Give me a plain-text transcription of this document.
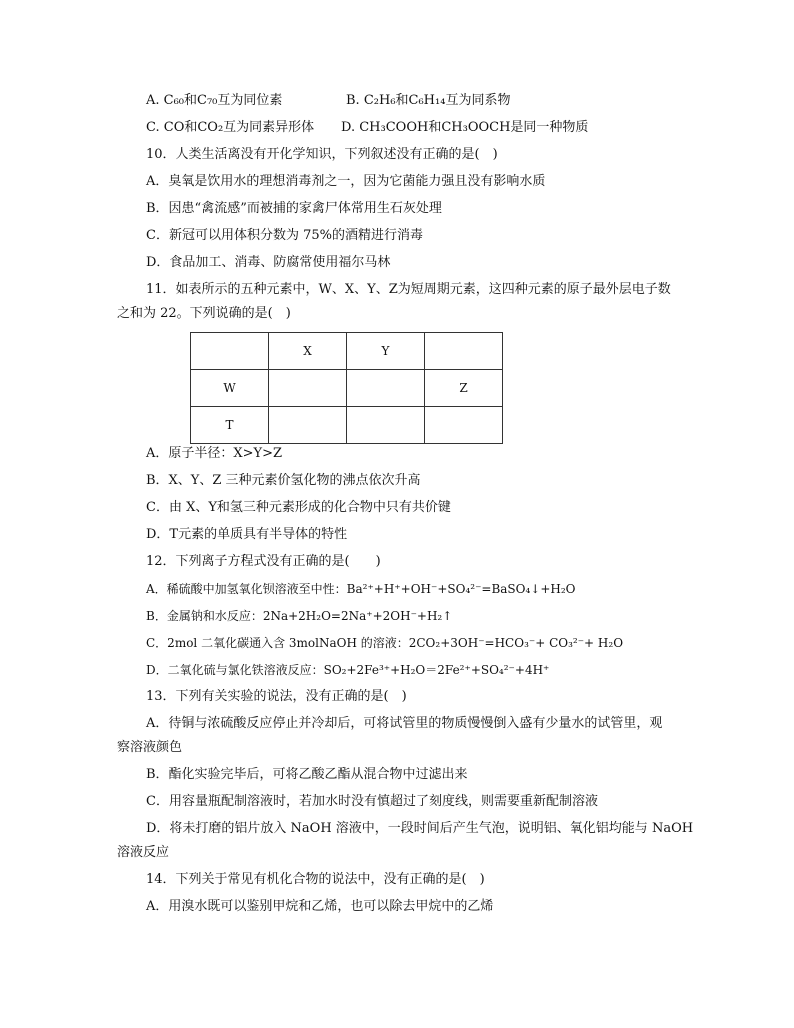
A. C₆₀和C₇₀互为同位素	B. C₂H₆和C₆H₁₄互为同系物
C. CO和CO₂互为同素异形体 D. CH₃COOH和CH₃OOCH是同一种物质
10．人类生活离没有开化学知识，下列叙述没有正确的是(　)
A．臭氧是饮用水的理想消毒剂之一，因为它菌能力强且没有影响水质
B．因患“禽流感”而被捕的家禽尸体常用生石灰处理
C．新冠可以用体积分数为 75%的酒精进行消毒
D．食品加工、消毒、防腐常使用福尔马林
11．如表所示的五种元素中，W、X、Y、Z为短周期元素，这四种元素的原子最外层电子数
之和为 22。下列说确的是(　)
	X	Y	
W			Z
T			
A．原子半径：X>Y>Z
B．X、Y、Z 三种元素价氢化物的沸点依次升高
C．由 X、Y和氢三种元素形成的化合物中只有共价键
D．T元素的单质具有半导体的特性
12．下列离子方程式没有正确的是(　　)
A．稀硫酸中加氢氧化钡溶液至中性：Ba²⁺+H⁺+OH⁻+SO₄²⁻=BaSO₄↓+H₂O
B．金属钠和水反应：2Na+2H₂O=2Na⁺+2OH⁻+H₂↑
C．2mol 二氧化碳通入含 3molNaOH 的溶液：2CO₂+3OH⁻=HCO₃⁻+ CO₃²⁻+ H₂O
D．二氧化硫与氯化铁溶液反应：SO₂+2Fe³⁺+H₂O＝2Fe²⁺+SO₄²⁻+4H⁺
13．下列有关实验的说法，没有正确的是(　)
A．待铜与浓硫酸反应停止并冷却后，可将试管里的物质慢慢倒入盛有少量水的试管里，观
察溶液颜色
B．酯化实验完毕后，可将乙酸乙酯从混合物中过滤出来
C．用容量瓶配制溶液时，若加水时没有慎超过了刻度线，则需要重新配制溶液
D．将未打磨的铝片放入 NaOH 溶液中，一段时间后产生气泡，说明铝、氧化铝均能与 NaOH
溶液反应
14．下列关于常见有机化合物的说法中，没有正确的是(　)
A．用溴水既可以鉴别甲烷和乙烯，也可以除去甲烷中的乙烯
